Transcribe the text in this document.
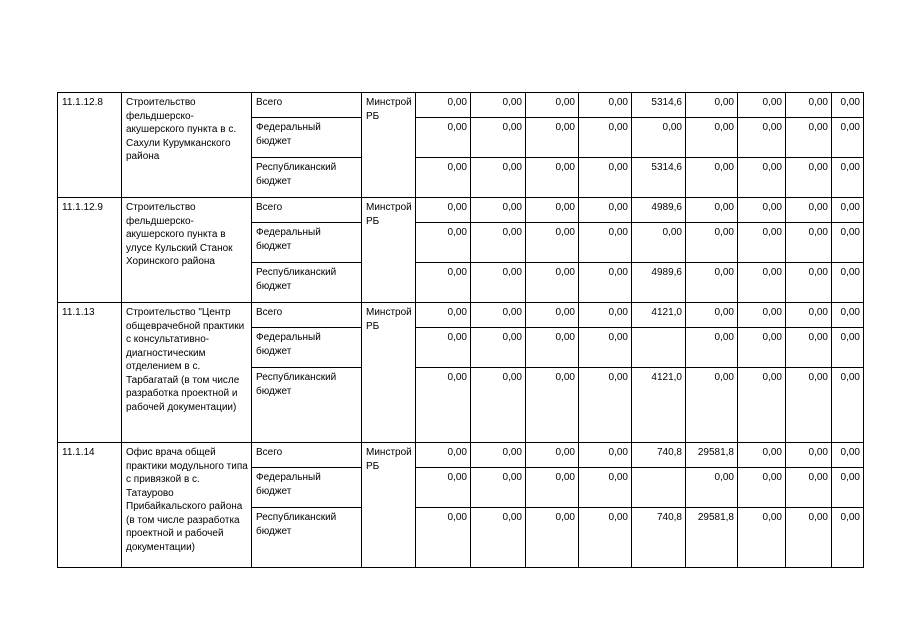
11.1.12.8	Строительство фельдшерско-акушерского пункта в с. Сахули Курумканского района	Всего	Минстрой РБ	0,00	0,00	0,00	0,00	5314,6	0,00	0,00	0,00	0,00
		Федеральный бюджет		0,00	0,00	0,00	0,00	0,00	0,00	0,00	0,00	0,00
		Республиканский бюджет		0,00	0,00	0,00	0,00	5314,6	0,00	0,00	0,00	0,00
11.1.12.9	Строительство фельдшерско-акушерского пункта в улусе Кульский Станок Хоринского района	Всего	Минстрой РБ	0,00	0,00	0,00	0,00	4989,6	0,00	0,00	0,00	0,00
		Федеральный бюджет		0,00	0,00	0,00	0,00	0,00	0,00	0,00	0,00	0,00
		Республиканский бюджет		0,00	0,00	0,00	0,00	4989,6	0,00	0,00	0,00	0,00
11.1.13	Строительство "Центр общеврачебной практики с консультативно-диагностическим отделением в с. Тарбагатай (в том числе разработка проектной и рабочей документации)	Всего	Минстрой РБ	0,00	0,00	0,00	0,00	4121,0	0,00	0,00	0,00	0,00
		Федеральный бюджет		0,00	0,00	0,00	0,00		0,00	0,00	0,00	0,00
		Республиканский бюджет		0,00	0,00	0,00	0,00	4121,0	0,00	0,00	0,00	0,00
11.1.14	Офис врача общей практики модульного типа с привязкой в с. Татаурово Прибайкальского района (в том числе разработка проектной и рабочей документации)	Всего	Минстрой РБ	0,00	0,00	0,00	0,00	740,8	29581,8	0,00	0,00	0,00
		Федеральный бюджет		0,00	0,00	0,00	0,00		0,00	0,00	0,00	0,00
		Республиканский бюджет		0,00	0,00	0,00	0,00	740,8	29581,8	0,00	0,00	0,00
